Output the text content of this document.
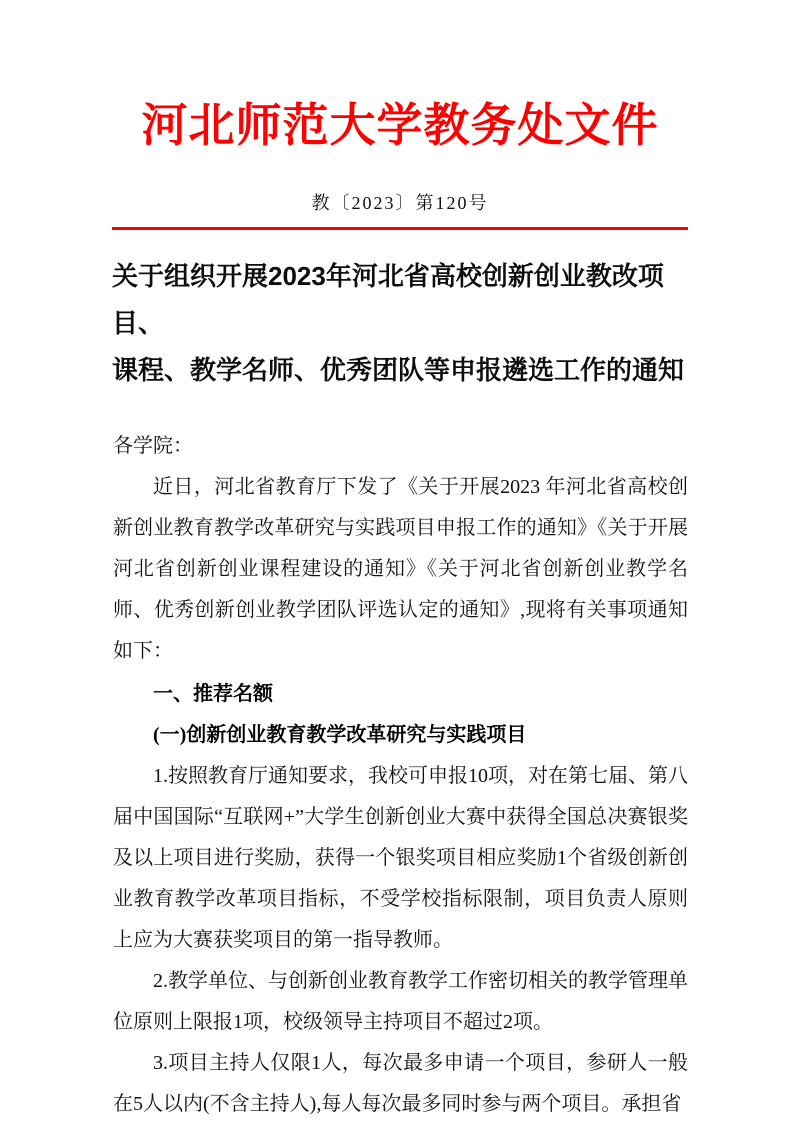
河北师范大学教务处文件
教〔2023〕第120号
关于组织开展2023年河北省高校创新创业教改项目、
课程、教学名师、优秀团队等申报遴选工作的通知

各学院：

近日，河北省教育厅下发了《关于开展2023 年河北省高校创新创业教育教学改革研究与实践项目申报工作的通知》《关于开展河北省创新创业课程建设的通知》《关于河北省创新创业教学名师、优秀创新创业教学团队评选认定的通知》,现将有关事项通知如下：

一、推荐名额

(一)创新创业教育教学改革研究与实践项目

1.按照教育厅通知要求，我校可申报10项，对在第七届、第八届中国国际“互联网+”大学生创新创业大赛中获得全国总决赛银奖及以上项目进行奖励，获得一个银奖项目相应奖励1个省级创新创业教育教学改革项目指标，不受学校指标限制，项目负责人原则上应为大赛获奖项目的第一指导教师。

2.教学单位、与创新创业教育教学工作密切相关的教学管理单位原则上限报1项，校级领导主持项目不超过2项。

3.项目主持人仅限1人，每次最多申请一个项目，参研人一般在5人以内(不含主持人),每人每次最多同时参与两个项目。承担省
